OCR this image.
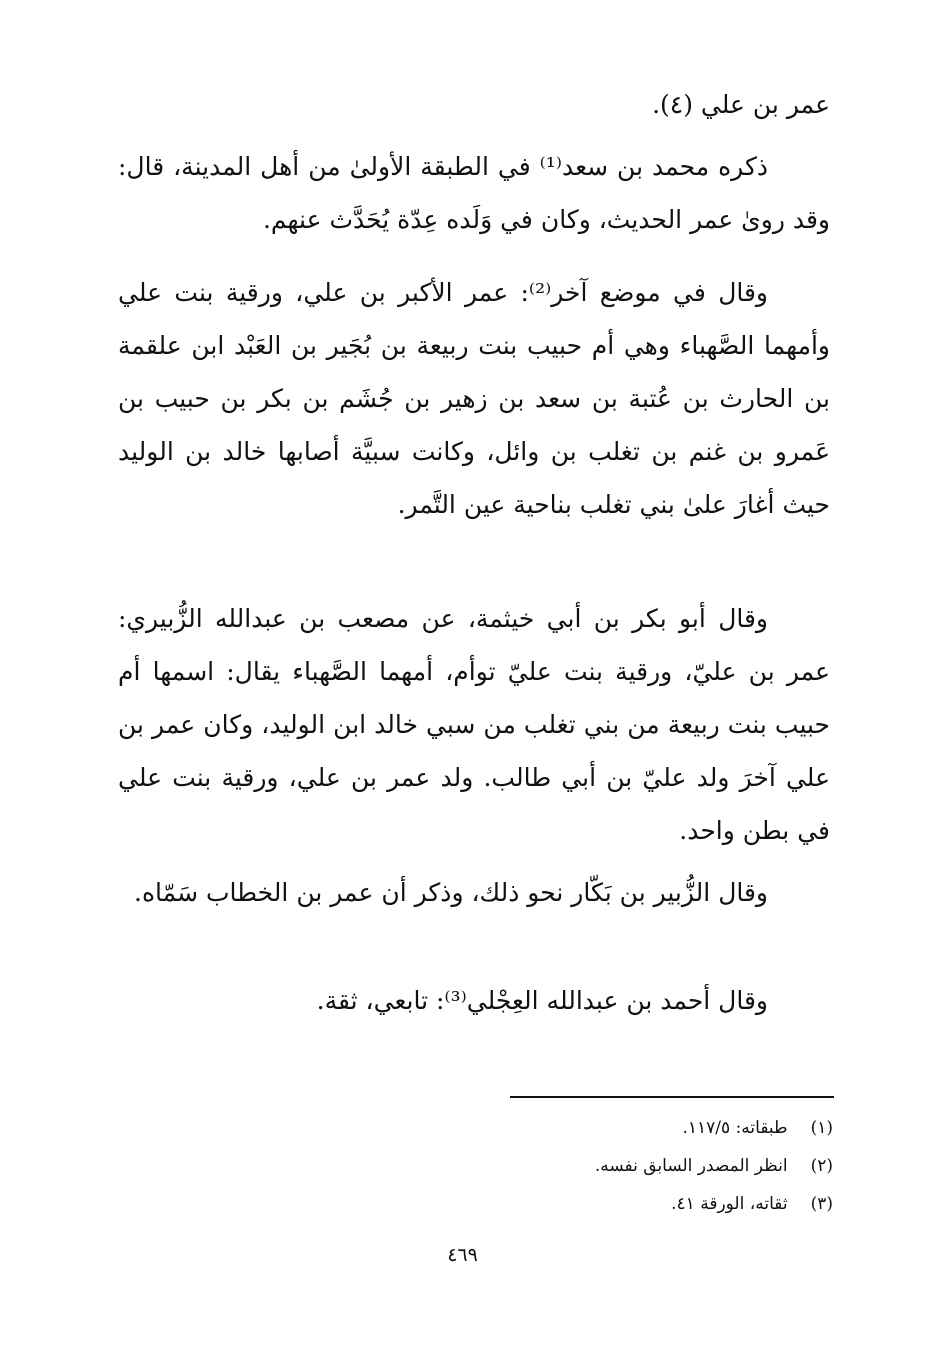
عمر بن علي (٤).

ذكره محمد بن سعد⁽¹⁾ في الطبقة الأولىٰ من أهل المدينة، قال: وقد روىٰ عمر الحديث، وكان في وَلَده عِدّة يُحَدَّث عنهم.

وقال في موضع آخر⁽²⁾: عمر الأكبر بن علي، ورقية بنت علي وأمهما الصَّهباء وهي أم حبيب بنت ربيعة بن بُجَير بن العَبْد ابن علقمة بن الحارث بن عُتبة بن سعد بن زهير بن جُشَم بن بكر بن حبيب بن عَمرو بن غنم بن تغلب بن وائل، وكانت سبيَّة أصابها خالد بن الوليد حيث أغارَ علىٰ بني تغلب بناحية عين التَّمر.

وقال أبو بكر بن أبي خيثمة، عن مصعب بن عبدالله الزُّبيري: عمر بن عليّ، ورقية بنت عليّ توأم، أمهما الصَّهباء يقال: اسمها أم حبيب بنت ربيعة من بني تغلب من سبي خالد ابن الوليد، وكان عمر بن علي آخرَ ولد عليّ بن أبي طالب. ولد عمر بن علي، ورقية بنت علي في بطن واحد.

وقال الزُّبير بن بَكّار نحو ذلك، وذكر أن عمر بن الخطاب سَمّاه.

وقال أحمد بن عبدالله العِجْلي⁽³⁾: تابعي، ثقة.
(١) طبقاته: ١١٧/٥.
(٢) انظر المصدر السابق نفسه.
(٣) ثقاته، الورقة ٤١.
٤٦٩
